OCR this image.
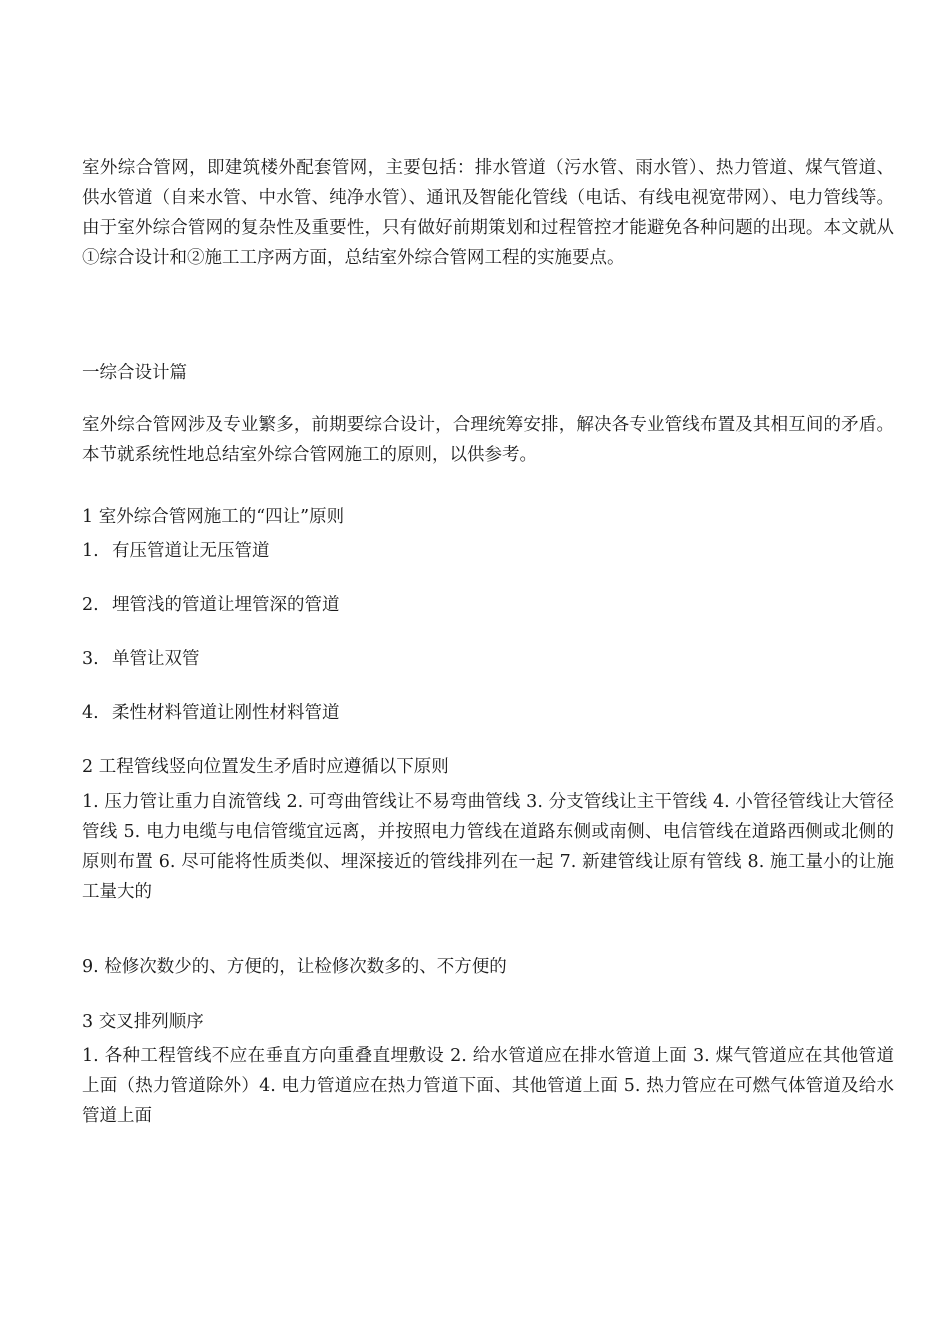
室外综合管网，即建筑楼外配套管网，主要包括：排水管道（污水管、雨水管）、热力管道、煤气管道、供水管道（自来水管、中水管、纯净水管）、通讯及智能化管线（电话、有线电视宽带网）、电力管线等。由于室外综合管网的复杂性及重要性，只有做好前期策划和过程管控才能避免各种问题的出现。本文就从①综合设计和②施工工序两方面，总结室外综合管网工程的实施要点。

一综合设计篇

室外综合管网涉及专业繁多，前期要综合设计，合理统筹安排，解决各专业管线布置及其相互间的矛盾。本节就系统性地总结室外综合管网施工的原则，以供参考。

1 室外综合管网施工的“四让”原则

1. 有压管道让无压管道

2. 埋管浅的管道让埋管深的管道

3. 单管让双管

4. 柔性材料管道让刚性材料管道

2 工程管线竖向位置发生矛盾时应遵循以下原则

1. 压力管让重力自流管线 2. 可弯曲管线让不易弯曲管线 3. 分支管线让主干管线 4. 小管径管线让大管径管线 5. 电力电缆与电信管缆宜远离，并按照电力管线在道路东侧或南侧、电信管线在道路西侧或北侧的原则布置 6. 尽可能将性质类似、埋深接近的管线排列在一起 7. 新建管线让原有管线 8. 施工量小的让施工量大的

9. 检修次数少的、方便的，让检修次数多的、不方便的

3 交叉排列顺序

1. 各种工程管线不应在垂直方向重叠直埋敷设 2. 给水管道应在排水管道上面 3. 煤气管道应在其他管道上面（热力管道除外）4. 电力管道应在热力管道下面、其他管道上面 5. 热力管应在可燃气体管道及给水管道上面
